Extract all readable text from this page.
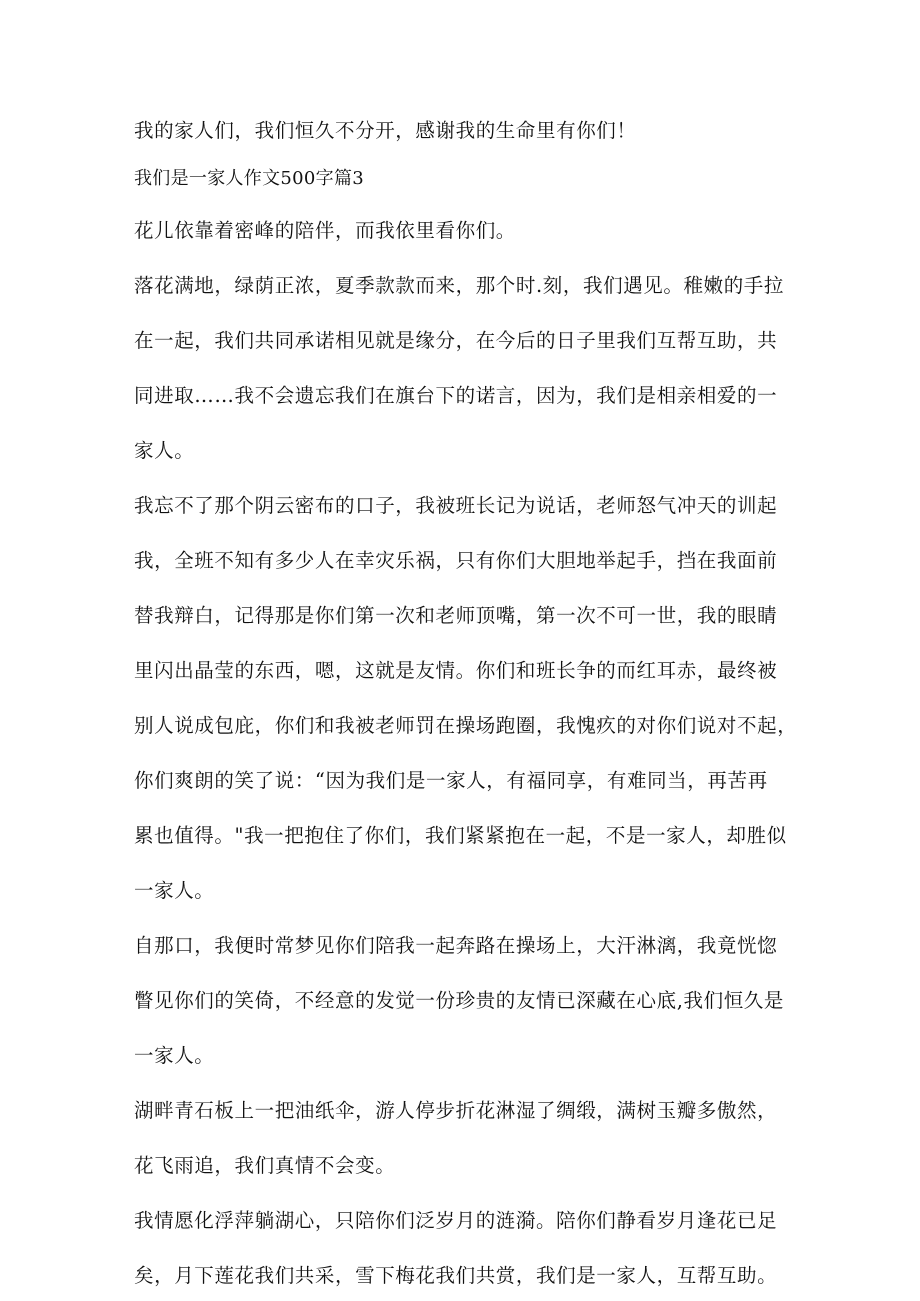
我的家人们，我们恒久不分开，感谢我的生命里有你们！
我们是一家人作文500字篇3
花儿依靠着密峰的陪伴，而我依里看你们。
落花满地，绿荫正浓，夏季款款而来，那个时.刻，我们遇见。稚嫩的手拉
在一起，我们共同承诺相见就是缘分，在今后的日子里我们互帮互助，共
同进取……我不会遗忘我们在旗台下的诺言，因为，我们是相亲相爱的一
家人。
我忘不了那个阴云密布的口子，我被班长记为说话，老师怒气冲天的训起
我，全班不知有多少人在幸灾乐祸，只有你们大胆地举起手，挡在我面前
替我辩白，记得那是你们第一次和老师顶嘴，第一次不可一世，我的眼睛
里闪出晶莹的东西，嗯，这就是友情。你们和班长争的而红耳赤，最终被
别人说成包庇，你们和我被老师罚在操场跑圈，我愧疚的对你们说对不起，
你们爽朗的笑了说：“因为我们是一家人，有福同享，有难同当，再苦再
累也值得。"我一把抱住了你们，我们紧紧抱在一起，不是一家人，却胜似
一家人。
自那口，我便时常梦见你们陪我一起奔路在操场上，大汗淋漓，我竟恍惚
瞥见你们的笑倚，不经意的发觉一份珍贵的友情已深藏在心底,我们恒久是
一家人。
湖畔青石板上一把油纸伞，游人停步折花淋湿了绸缎，满树玉瓣多傲然，
花飞雨追，我们真情不会变。
我情愿化浮萍躺湖心，只陪你们泛岁月的涟漪。陪你们静看岁月逢花已足
矣，月下莲花我们共采，雪下梅花我们共赏，我们是一家人，互帮互助。
